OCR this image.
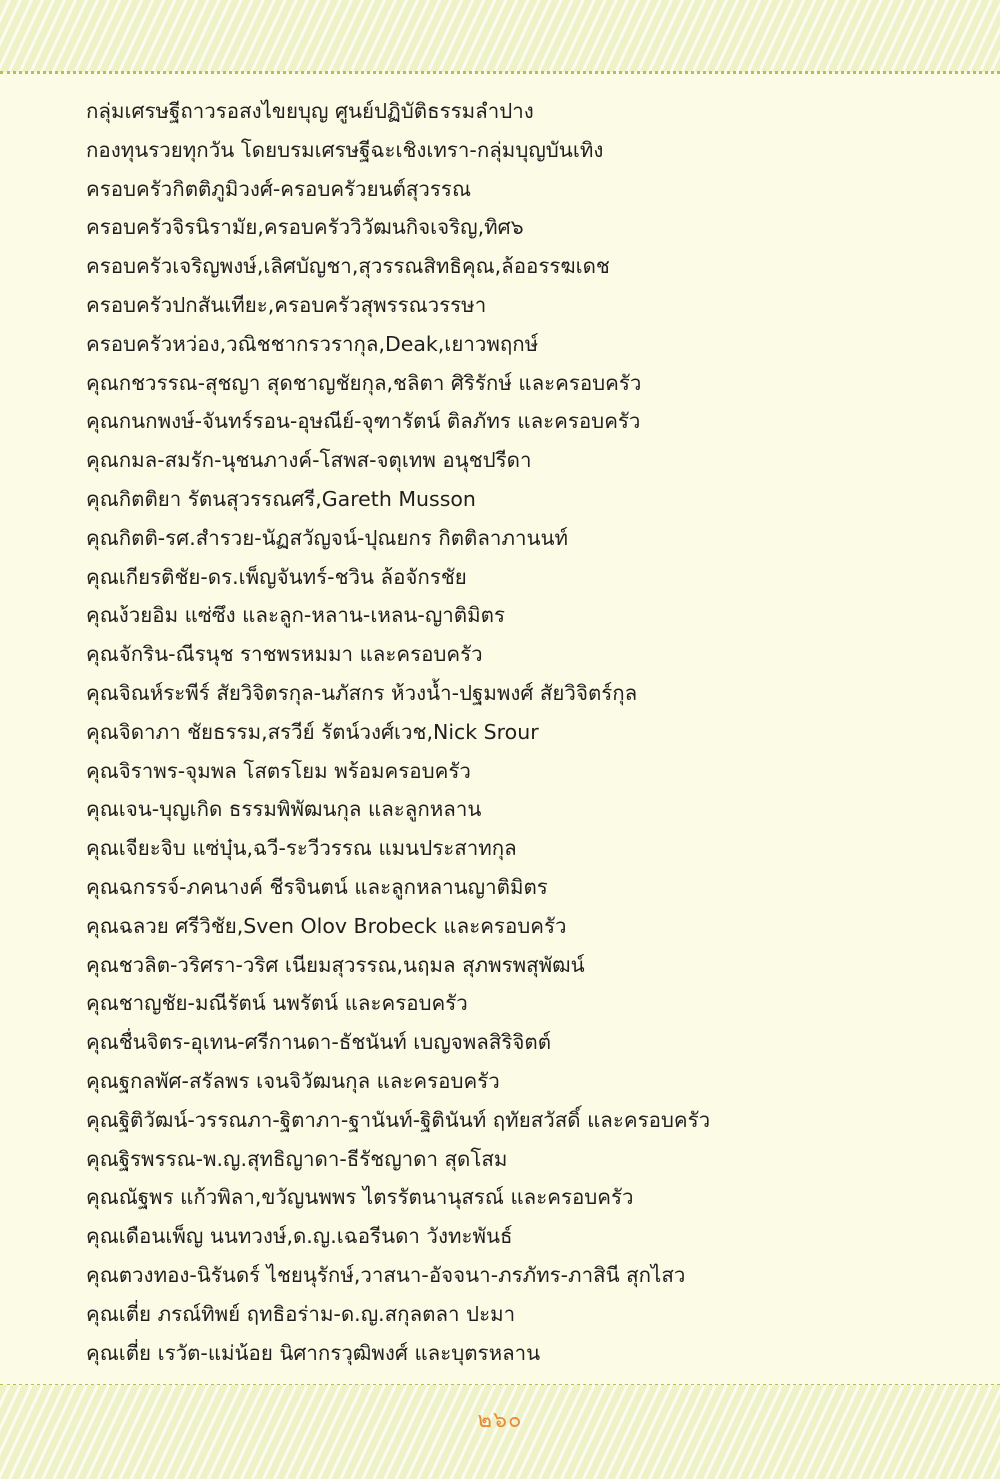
กลุ่มเศรษฐีถาวรอสงไขยบุญ ศูนย์ปฏิบัติธรรมลำปาง
กองทุนรวยทุกวัน โดยบรมเศรษฐีฉะเชิงเทรา-กลุ่มบุญบันเทิง
ครอบครัวกิตติภูมิวงศ์-ครอบครัวยนต์สุวรรณ
ครอบครัวจิรนิรามัย,ครอบครัววิวัฒนกิจเจริญ,ทิศ๖
ครอบครัวเจริญพงษ์,เลิศบัญชา,สุวรรณสิทธิคุณ,ล้ออรรฆเดช
ครอบครัวปกสันเทียะ,ครอบครัวสุพรรณวรรษา
ครอบครัวหว่อง,วณิชชากรวรากุล,Deak,เยาวพฤกษ์
คุณกชวรรณ-สุชญา สุดชาญชัยกุล,ชลิตา ศิริรักษ์ และครอบครัว
คุณกนกพงษ์-จันทร์รอน-อุษณีย์-จุฑารัตน์ ติลภัทร และครอบครัว
คุณกมล-สมรัก-นุชนภางค์-โสพส-จตุเทพ อนุชปรีดา
คุณกิตติยา รัตนสุวรรณศรี,Gareth Musson
คุณกิตติ-รศ.สำรวย-นัฏสวัญจน์-ปุณยกร กิตติลาภานนท์
คุณเกียรติชัย-ดร.เพ็ญจันทร์-ชวิน ล้อจักรชัย
คุณง้วยอิม แซ่ซึง และลูก-หลาน-เหลน-ญาติมิตร
คุณจักริน-ณีรนุช ราชพรหมมา และครอบครัว
คุณจิณห์ระพีร์ สัยวิจิตรกุล-นภัสกร ห้วงน้ำ-ปฐมพงศ์ สัยวิจิตร์กุล
คุณจิดาภา ชัยธรรม,สรวีย์ รัตน์วงศ์เวช,Nick Srour
คุณจิราพร-จุมพล โสตรโยม พร้อมครอบครัว
คุณเจน-บุญเกิด ธรรมพิพัฒนกุล และลูกหลาน
คุณเจียะจิบ แซ่บุ๋น,ฉวี-ระวีวรรณ แมนประสาทกุล
คุณฉกรรจ์-ภคนางค์ ชีรจินตน์ และลูกหลานญาติมิตร
คุณฉลวย ศรีวิชัย,Sven Olov Brobeck และครอบครัว
คุณชวลิต-วริศรา-วริศ เนียมสุวรรณ,นฤมล สุภพรพสุพัฒน์
คุณชาญชัย-มณีรัตน์ นพรัตน์ และครอบครัว
คุณชื่นจิตร-อุเทน-ศรีกานดา-ธัชนันท์ เบญจพลสิริจิตต์
คุณฐกลพัศ-สรัลพร เจนจิวัฒนกุล และครอบครัว
คุณฐิติวัฒน์-วรรณภา-ฐิตาภา-ฐานันท์-ฐิตินันท์ ฤทัยสวัสดิ์ และครอบครัว
คุณฐิรพรรณ-พ.ญ.สุทธิญาดา-ธีรัชญาดา สุดโสม
คุณณัฐพร แก้วพิลา,ขวัญนพพร ไตรรัตนานุสรณ์ และครอบครัว
คุณเดือนเพ็ญ นนทวงษ์,ด.ญ.เฉอรีนดา วังทะพันธ์
คุณตวงทอง-นิรันดร์ ไชยนุรักษ์,วาสนา-อัจจนา-ภรภัทร-ภาสินี สุกไสว
คุณเตี่ย ภรณ์ทิพย์ ฤทธิอร่าม-ด.ญ.สกุลตลา ปะมา
คุณเตี่ย เรวัต-แม่น้อย นิศากรวุฒิพงศ์ และบุตรหลาน
๒๖๐
